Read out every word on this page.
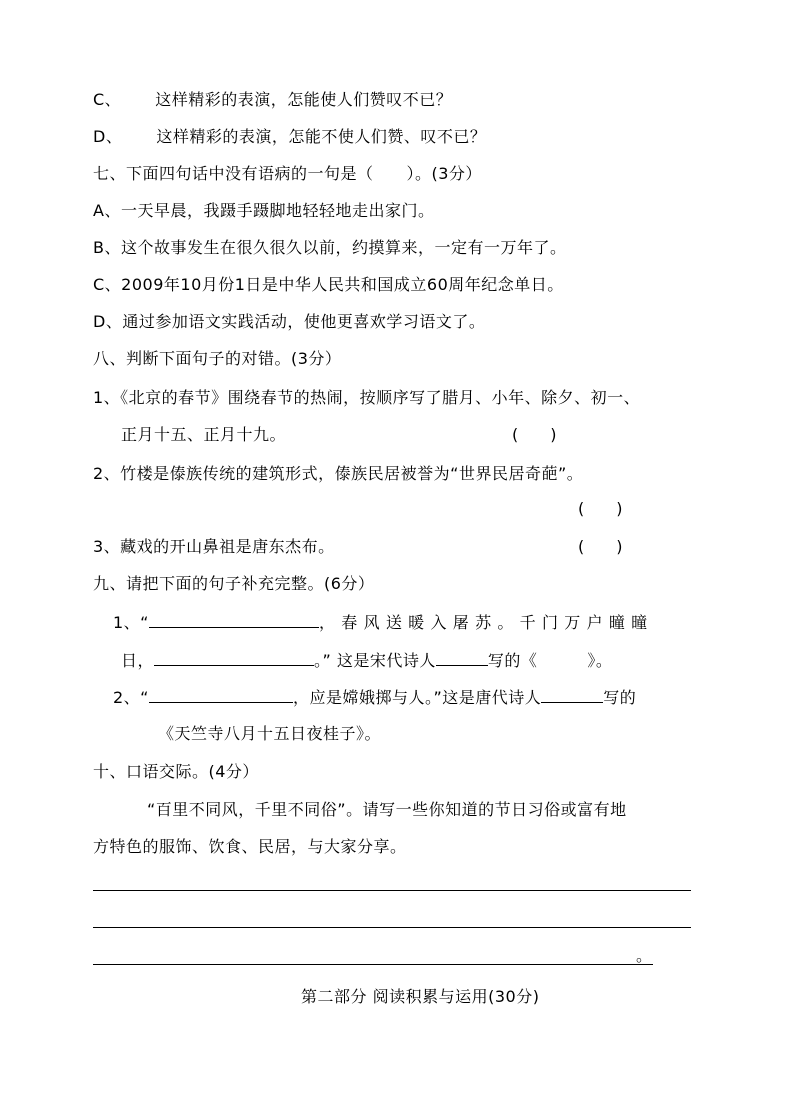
C、 这样精彩的表演，怎能使人们赞叹不已？
D、 这样精彩的表演，怎能不使人们赞、叹不已？
七、下面四句话中没有语病的一句是（　　）。(3分）
A、一天早晨，我蹑手蹑脚地轻轻地走出家门。
B、这个故事发生在很久很久以前，约摸算来，一定有一万年了。
C、2009年10月份1日是中华人民共和国成立60周年纪念单日。
D、通过参加语文实践活动，使他更喜欢学习语文了。
八、判断下面句子的对错。(3分）
1、《北京的春节》围绕春节的热闹，按顺序写了腊月、小年、除夕、初一、
正月十五、正月十九。	(　　)
2、竹楼是傣族传统的建筑形式，傣族民居被誉为“世界民居奇葩”。
(　　)
3、藏戏的开山鼻祖是唐东杰布。	(　　)
九、请把下面的句子补充完整。(6分）
1、“	，春风送暖入屠苏。千门万户曈曈
日，	。” 这是宋代诗人	写的《	》。
2、“	，应是嫦娥掷与人。”这是唐代诗人	写的
《天竺寺八月十五日夜桂子》。
十、口语交际。(4分）
“百里不同风，千里不同俗”。请写一些你知道的节日习俗或富有地
方特色的服饰、饮食、民居，与大家分享。
。
第二部分 阅读积累与运用(30分)
